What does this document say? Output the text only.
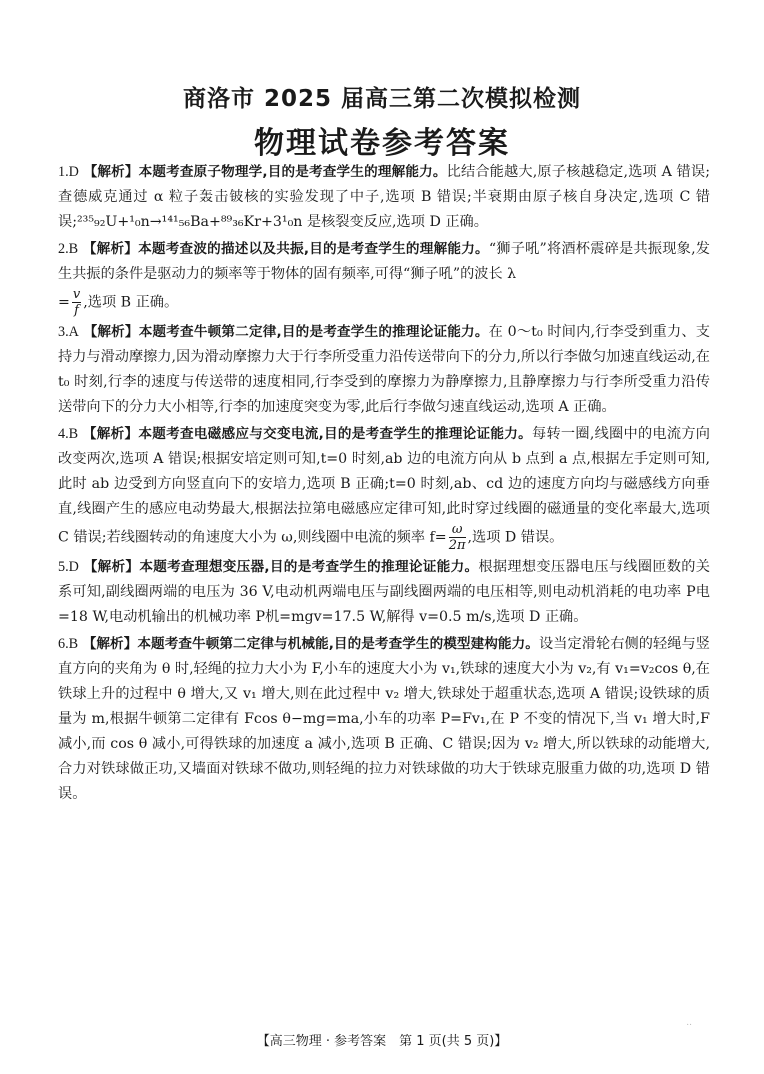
商洛市 2025 届高三第二次模拟检测
物理试卷参考答案
1.D 【解析】本题考查原子物理学,目的是考查学生的理解能力。比结合能越大,原子核越稳定,选项 A 错误;查德威克通过 α 粒子轰击铍核的实验发现了中子,选项 B 错误;半衰期由原子核自身决定,选项 C 错误;²³⁵₉₂U+¹₀n→¹⁴¹₅₆Ba+⁸⁹₃₆Kr+3¹₀n 是核裂变反应,选项 D 正确。
2.B 【解析】本题考查波的描述以及共振,目的是考查学生的理解能力。“狮子吼”将酒杯震碎是共振现象,发生共振的条件是驱动力的频率等于物体的固有频率,可得“狮子吼”的波长 λ
= $\frac{v}{f}$ ,选项 B 正确。
3.A 【解析】本题考查牛顿第二定律,目的是考查学生的推理论证能力。在 0～t₀ 时间内,行李受到重力、支持力与滑动摩擦力,因为滑动摩擦力大于行李所受重力沿传送带向下的分力,所以行李做匀加速直线运动,在 t₀ 时刻,行李的速度与传送带的速度相同,行李受到的摩擦力为静摩擦力,且静摩擦力与行李所受重力沿传送带向下的分力大小相等,行李的加速度突变为零,此后行李做匀速直线运动,选项 A 正确。
4.B 【解析】本题考查电磁感应与交变电流,目的是考查学生的推理论证能力。每转一圈,线圈中的电流方向改变两次,选项 A 错误;根据安培定则可知,t=0 时刻,ab 边的电流方向从 b 点到 a 点,根据左手定则可知,此时 ab 边受到方向竖直向下的安培力,选项 B 正确;t=0 时刻,ab、cd 边的速度方向均与磁感线方向垂直,线圈产生的感应电动势最大,根据法拉第电磁感应定律可知,此时穿过线圈的磁通量的变化率最大,选项 C 错误;若线圈转动的角速度大小为 ω,则线圈中电流的频率 $f= \frac{\omega}{2\pi}$ ,选项 D 错误。
5.D 【解析】本题考查理想变压器,目的是考查学生的推理论证能力。根据理想变压器电压与线圈匝数的关系可知,副线圈两端的电压为 36 V,电动机两端电压与副线圈两端的电压相等,则电动机消耗的电功率 P电=18 W,电动机输出的机械功率 P机=mgv=17.5 W,解得 v=0.5 m/s,选项 D 正确。
6.B 【解析】本题考查牛顿第二定律与机械能,目的是考查学生的模型建构能力。设当定滑轮右侧的轻绳与竖直方向的夹角为 θ 时,轻绳的拉力大小为 F,小车的速度大小为 v₁,铁球的速度大小为 v₂,有 v₁=v₂cos θ,在铁球上升的过程中 θ 增大,又 v₁ 增大,则在此过程中 v₂ 增大,铁球处于超重状态,选项 A 错误;设铁球的质量为 m,根据牛顿第二定律有 Fcos θ−mg=ma,小车的功率 P=Fv₁,在 P 不变的情况下,当 v₁ 增大时,F 减小,而 cos θ 减小,可得铁球的加速度 a 减小,选项 B 正确、C 错误;因为 v₂ 增大,所以铁球的动能增大,合力对铁球做正功,又墙面对铁球不做功,则轻绳的拉力对铁球做的功大于铁球克服重力做的功,选项 D 错误。
..
【高三物理 · 参考答案　第 1 页(共 5 页)】
